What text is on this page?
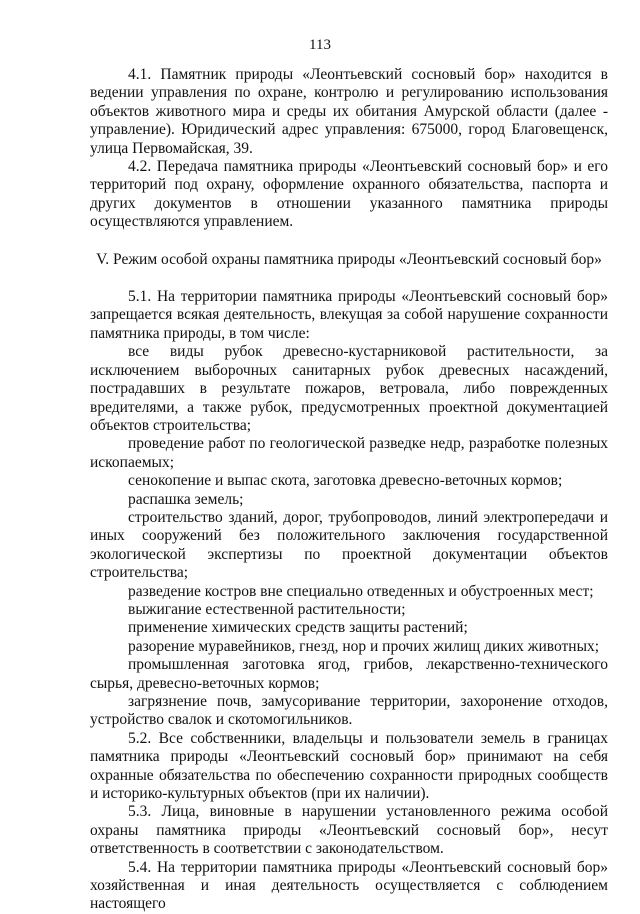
113

4.1. Памятник природы «Леонтьевский сосновый бор» находится в ведении управления по охране, контролю и регулированию использования объектов животного мира и среды их обитания Амурской области (далее - управление). Юридический адрес управления: 675000, город Благовещенск, улица Первомайская, 39.

4.2. Передача памятника природы «Леонтьевский сосновый бор» и его территорий под охрану, оформление охранного обязательства, паспорта и других документов в отношении указанного памятника природы осуществляются управлением.

V. Режим особой охраны памятника природы «Леонтьевский сосновый бор»

5.1. На территории памятника природы «Леонтьевский сосновый бор» запрещается всякая деятельность, влекущая за собой нарушение сохранности памятника природы, в том числе:

все виды рубок древесно-кустарниковой растительности, за исключением выборочных санитарных рубок древесных насаждений, пострадавших в результате пожаров, ветровала, либо поврежденных вредителями, а также рубок, предусмотренных проектной документацией объектов строительства;

проведение работ по геологической разведке недр, разработке полезных ископаемых;

сенокопение и выпас скота, заготовка древесно-веточных кормов;

распашка земель;

строительство зданий, дорог, трубопроводов, линий электропередачи и иных сооружений без положительного заключения государственной экологической экспертизы по проектной документации объектов строительства;

разведение костров вне специально отведенных и обустроенных мест;

выжигание естественной растительности;

применение химических средств защиты растений;

разорение муравейников, гнезд, нор и прочих жилищ диких животных;

промышленная заготовка ягод, грибов, лекарственно-технического сырья, древесно-веточных кормов;

загрязнение почв, замусоривание территории, захоронение отходов, устройство свалок и скотомогильников.

5.2. Все собственники, владельцы и пользователи земель в границах памятника природы «Леонтьевский сосновый бор» принимают на себя охранные обязательства по обеспечению сохранности природных сообществ и историко-культурных объектов (при их наличии).

5.3. Лица, виновные в нарушении установленного режима особой охраны памятника природы «Леонтьевский сосновый бор», несут ответственность в соответствии с законодательством.

5.4. На территории памятника природы «Леонтьевский сосновый бор» хозяйственная и иная деятельность осуществляется с соблюдением настоящего
